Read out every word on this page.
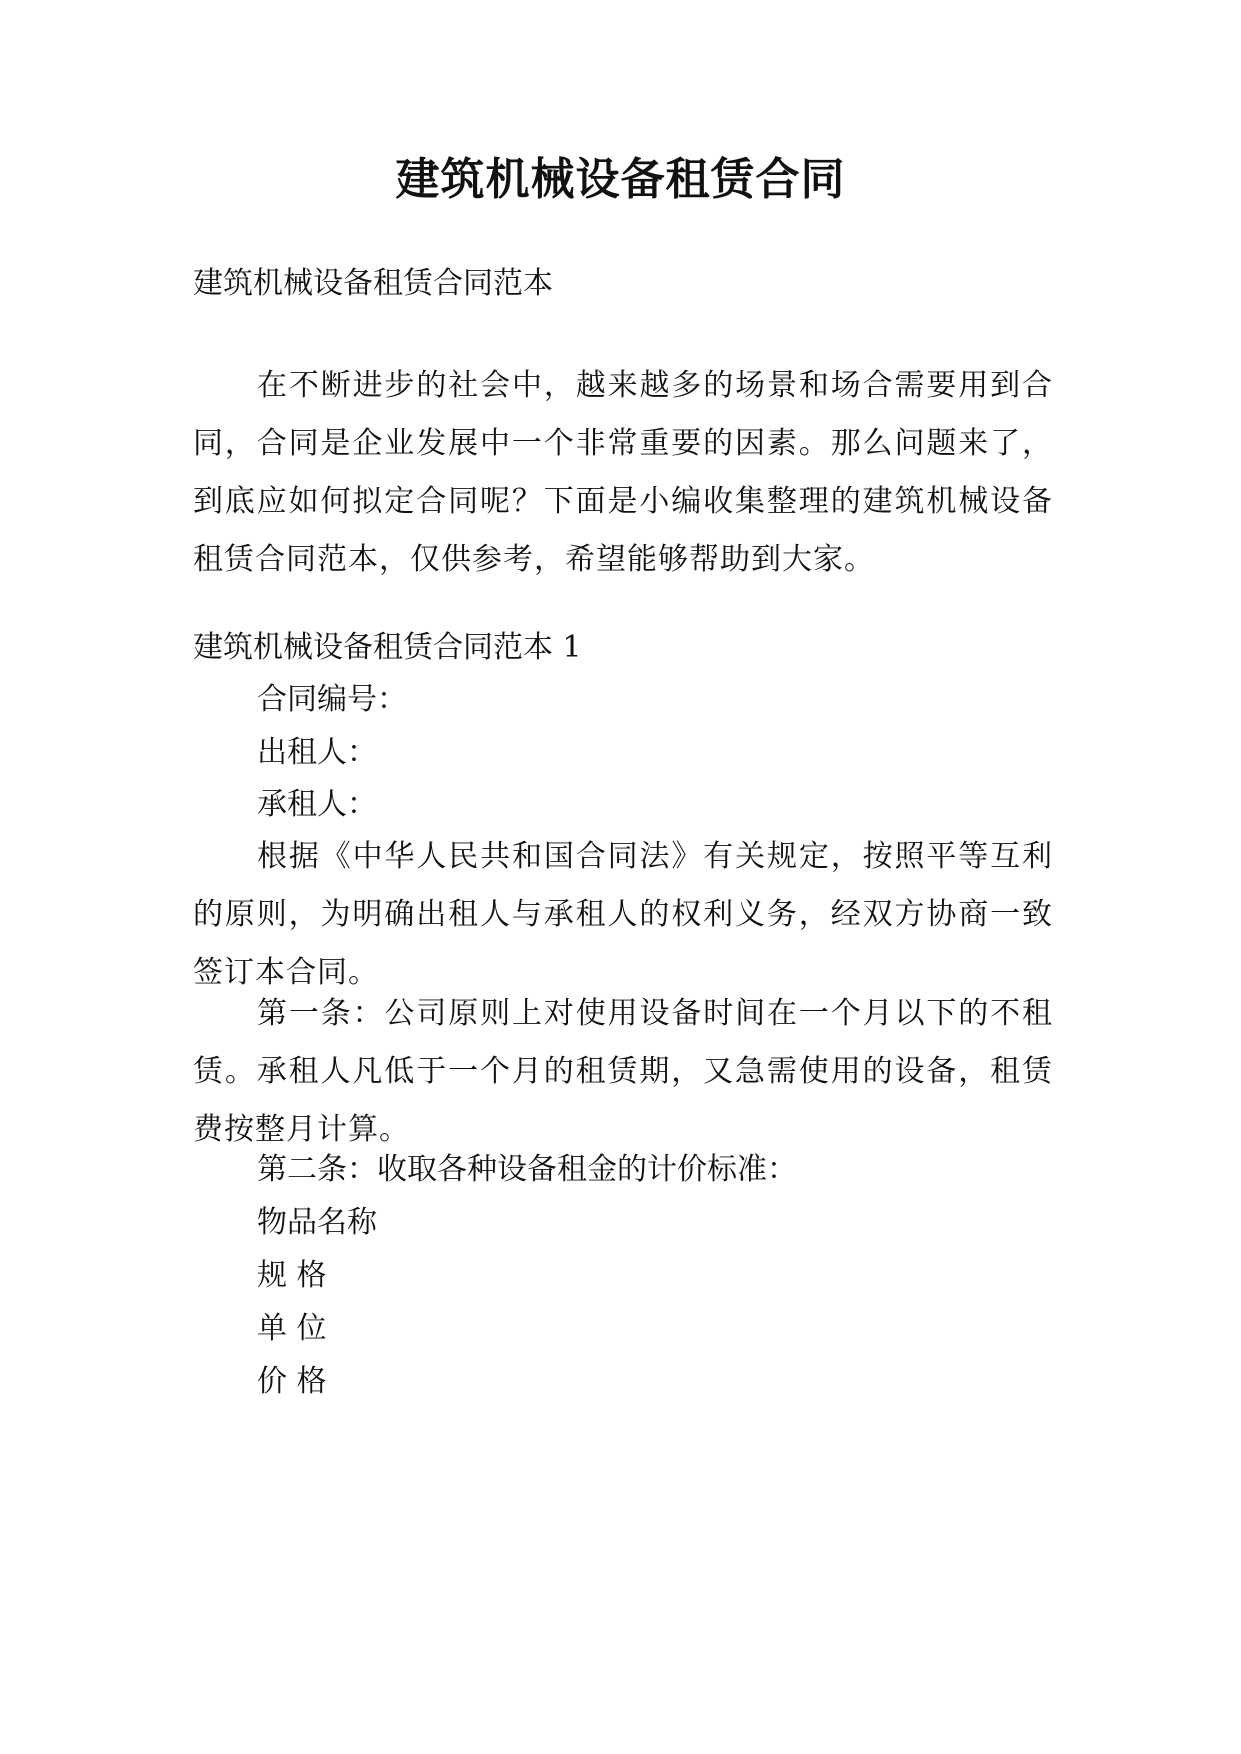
建筑机械设备租赁合同

建筑机械设备租赁合同范本

在不断进步的社会中，越来越多的场景和场合需要用到合同，合同是企业发展中一个非常重要的因素。那么问题来了，到底应如何拟定合同呢？下面是小编收集整理的建筑机械设备租赁合同范本，仅供参考，希望能够帮助到大家。

建筑机械设备租赁合同范本 1

合同编号：

出租人：

承租人：

根据《中华人民共和国合同法》有关规定，按照平等互利的原则，为明确出租人与承租人的权利义务，经双方协商一致签订本合同。

第一条：公司原则上对使用设备时间在一个月以下的不租赁。承租人凡低于一个月的租赁期，又急需使用的设备，租赁费按整月计算。

第二条：收取各种设备租金的计价标准：

物品名称

规 格

单 位

价 格
